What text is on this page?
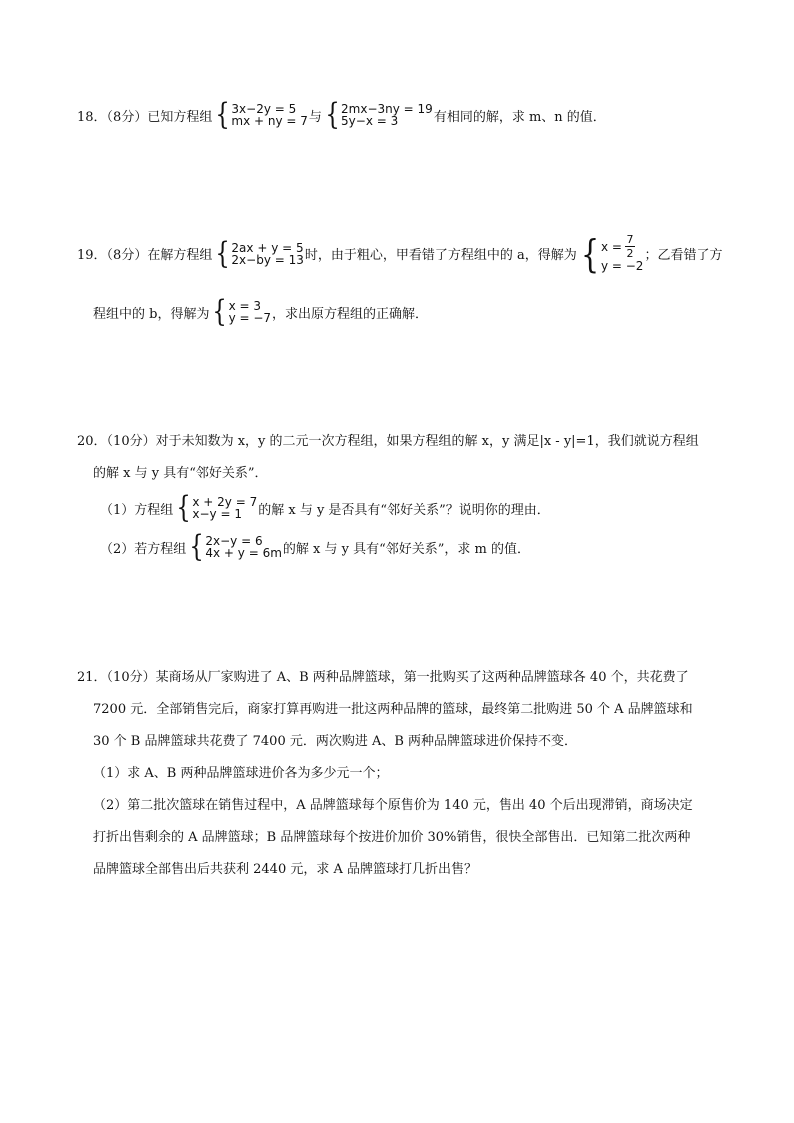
18．（8分）已知方程组 { 3x−2y = 5
mx + ny = 7 与 { 2mx−3ny = 19
5y−x = 3	有相同的解，求 m、n 的值．
19．（8分）在解方程组 { 2ax + y = 5
2x−by = 13 时，由于粗心，甲看错了方程组中的 a，得解为 { $x = \frac{7}{2}$
y = −2
；乙看错了方
程组中的 b，得解为 { x = 3
y = −7 ，求出原方程组的正确解．
20．（10分）对于未知数为 x，y 的二元一次方程组，如果方程组的解 x，y 满足|x - y|=1，我们就说方程组
的解 x 与 y 具有“邻好关系”．
（1）方程组 { x + 2y = 7
x−y = 1	的解 x 与 y 是否具有“邻好关系”？说明你的理由．
（2）若方程组 { 2x−y = 6
4x + y = 6m 的解 x 与 y 具有“邻好关系”，求 m 的值．
21．（10分）某商场从厂家购进了 A、B 两种品牌篮球，第一批购买了这两种品牌篮球各 40 个，共花费了
7200 元．全部销售完后，商家打算再购进一批这两种品牌的篮球，最终第二批购进 50 个 A 品牌篮球和
30 个 B 品牌篮球共花费了 7400 元．两次购进 A、B 两种品牌篮球进价保持不变．
（1）求 A、B 两种品牌篮球进价各为多少元一个；
（2）第二批次篮球在销售过程中，A 品牌篮球每个原售价为 140 元，售出 40 个后出现滞销，商场决定
打折出售剩余的 A 品牌篮球；B 品牌篮球每个按进价加价 30%销售，很快全部售出．已知第二批次两种
品牌篮球全部售出后共获利 2440 元，求 A 品牌篮球打几折出售？
